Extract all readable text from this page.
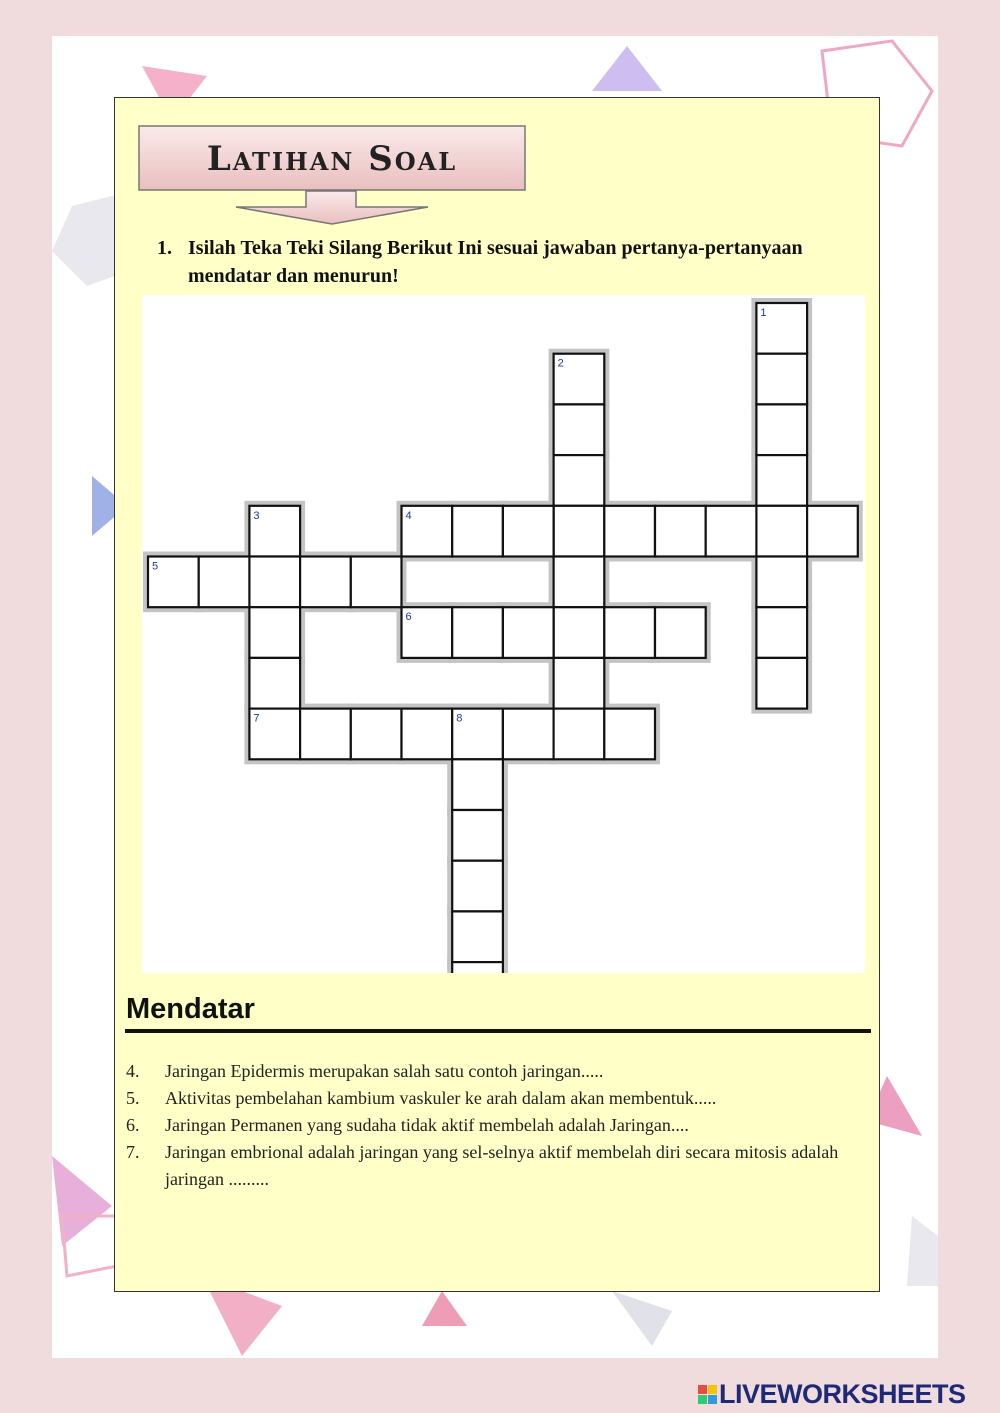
Latihan Soal
1. Isilah Teka Teki Silang Berikut Ini sesuai jawaban pertanya-pertanyaan mendatar dan menurun!
1
2
3	4
5
6
7	8
Mendatar
4. Jaringan Epidermis merupakan salah satu contoh jaringan.....
5. Aktivitas pembelahan kambium vaskuler ke arah dalam akan membentuk.....
6. Jaringan Permanen yang sudaha tidak aktif membelah adalah Jaringan....
7. Jaringan embrional adalah jaringan yang sel-selnya aktif membelah diri secara mitosis adalah jaringan .........
LIVEWORKSHEETS
